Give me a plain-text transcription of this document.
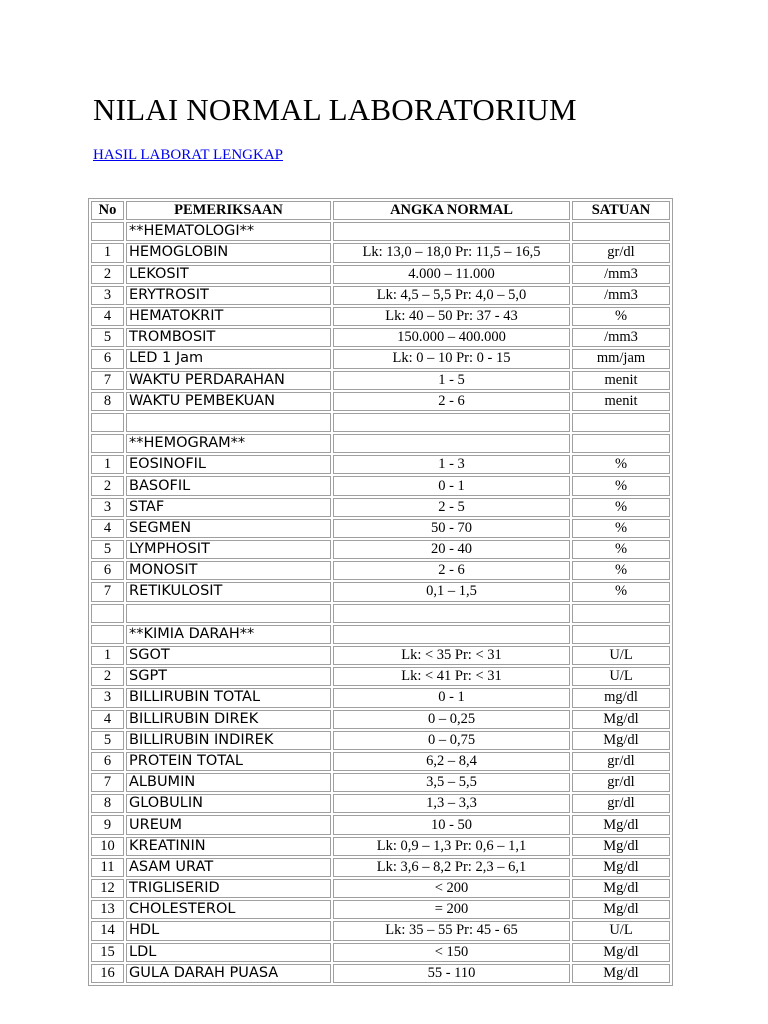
NILAI NORMAL LABORATORIUM
HASIL LABORAT LENGKAP
No	PEMERIKSAAN	ANGKA NORMAL	SATUAN
	**HEMATOLOGI**		
1	HEMOGLOBIN	Lk: 13,0 – 18,0 Pr: 11,5 – 16,5	gr/dl
2	LEKOSIT	4.000 – 11.000	/mm3
3	ERYTROSIT	Lk: 4,5 – 5,5 Pr: 4,0 – 5,0	/mm3
4	HEMATOKRIT	Lk: 40 – 50 Pr: 37 - 43	%
5	TROMBOSIT	150.000 – 400.000	/mm3
6	LED 1 Jam	Lk: 0 – 10 Pr: 0 - 15	mm/jam
7	WAKTU PERDARAHAN	1 - 5	menit
8	WAKTU PEMBEKUAN	2 - 6	menit

	**HEMOGRAM**		
1	EOSINOFIL	1 - 3	%
2	BASOFIL	0 - 1	%
3	STAF	2 - 5	%
4	SEGMEN	50 - 70	%
5	LYMPHOSIT	20 - 40	%
6	MONOSIT	2 - 6	%
7	RETIKULOSIT	0,1 – 1,5	%

	**KIMIA DARAH**		
1	SGOT	Lk: < 35 Pr: < 31	U/L
2	SGPT	Lk: < 41 Pr: < 31	U/L
3	BILLIRUBIN TOTAL	0 - 1	mg/dl
4	BILLIRUBIN DIREK	0 – 0,25	Mg/dl
5	BILLIRUBIN INDIREK	0 – 0,75	Mg/dl
6	PROTEIN TOTAL	6,2 – 8,4	gr/dl
7	ALBUMIN	3,5 – 5,5	gr/dl
8	GLOBULIN	1,3 – 3,3	gr/dl
9	UREUM	10 - 50	Mg/dl
10	KREATININ	Lk: 0,9 – 1,3 Pr: 0,6 – 1,1	Mg/dl
11	ASAM URAT	Lk: 3,6 – 8,2 Pr: 2,3 – 6,1	Mg/dl
12	TRIGLISERID	< 200	Mg/dl
13	CHOLESTEROL	= 200	Mg/dl
14	HDL	Lk: 35 – 55 Pr: 45 - 65	U/L
15	LDL	< 150	Mg/dl
16	GULA DARAH PUASA	55 - 110	Mg/dl
